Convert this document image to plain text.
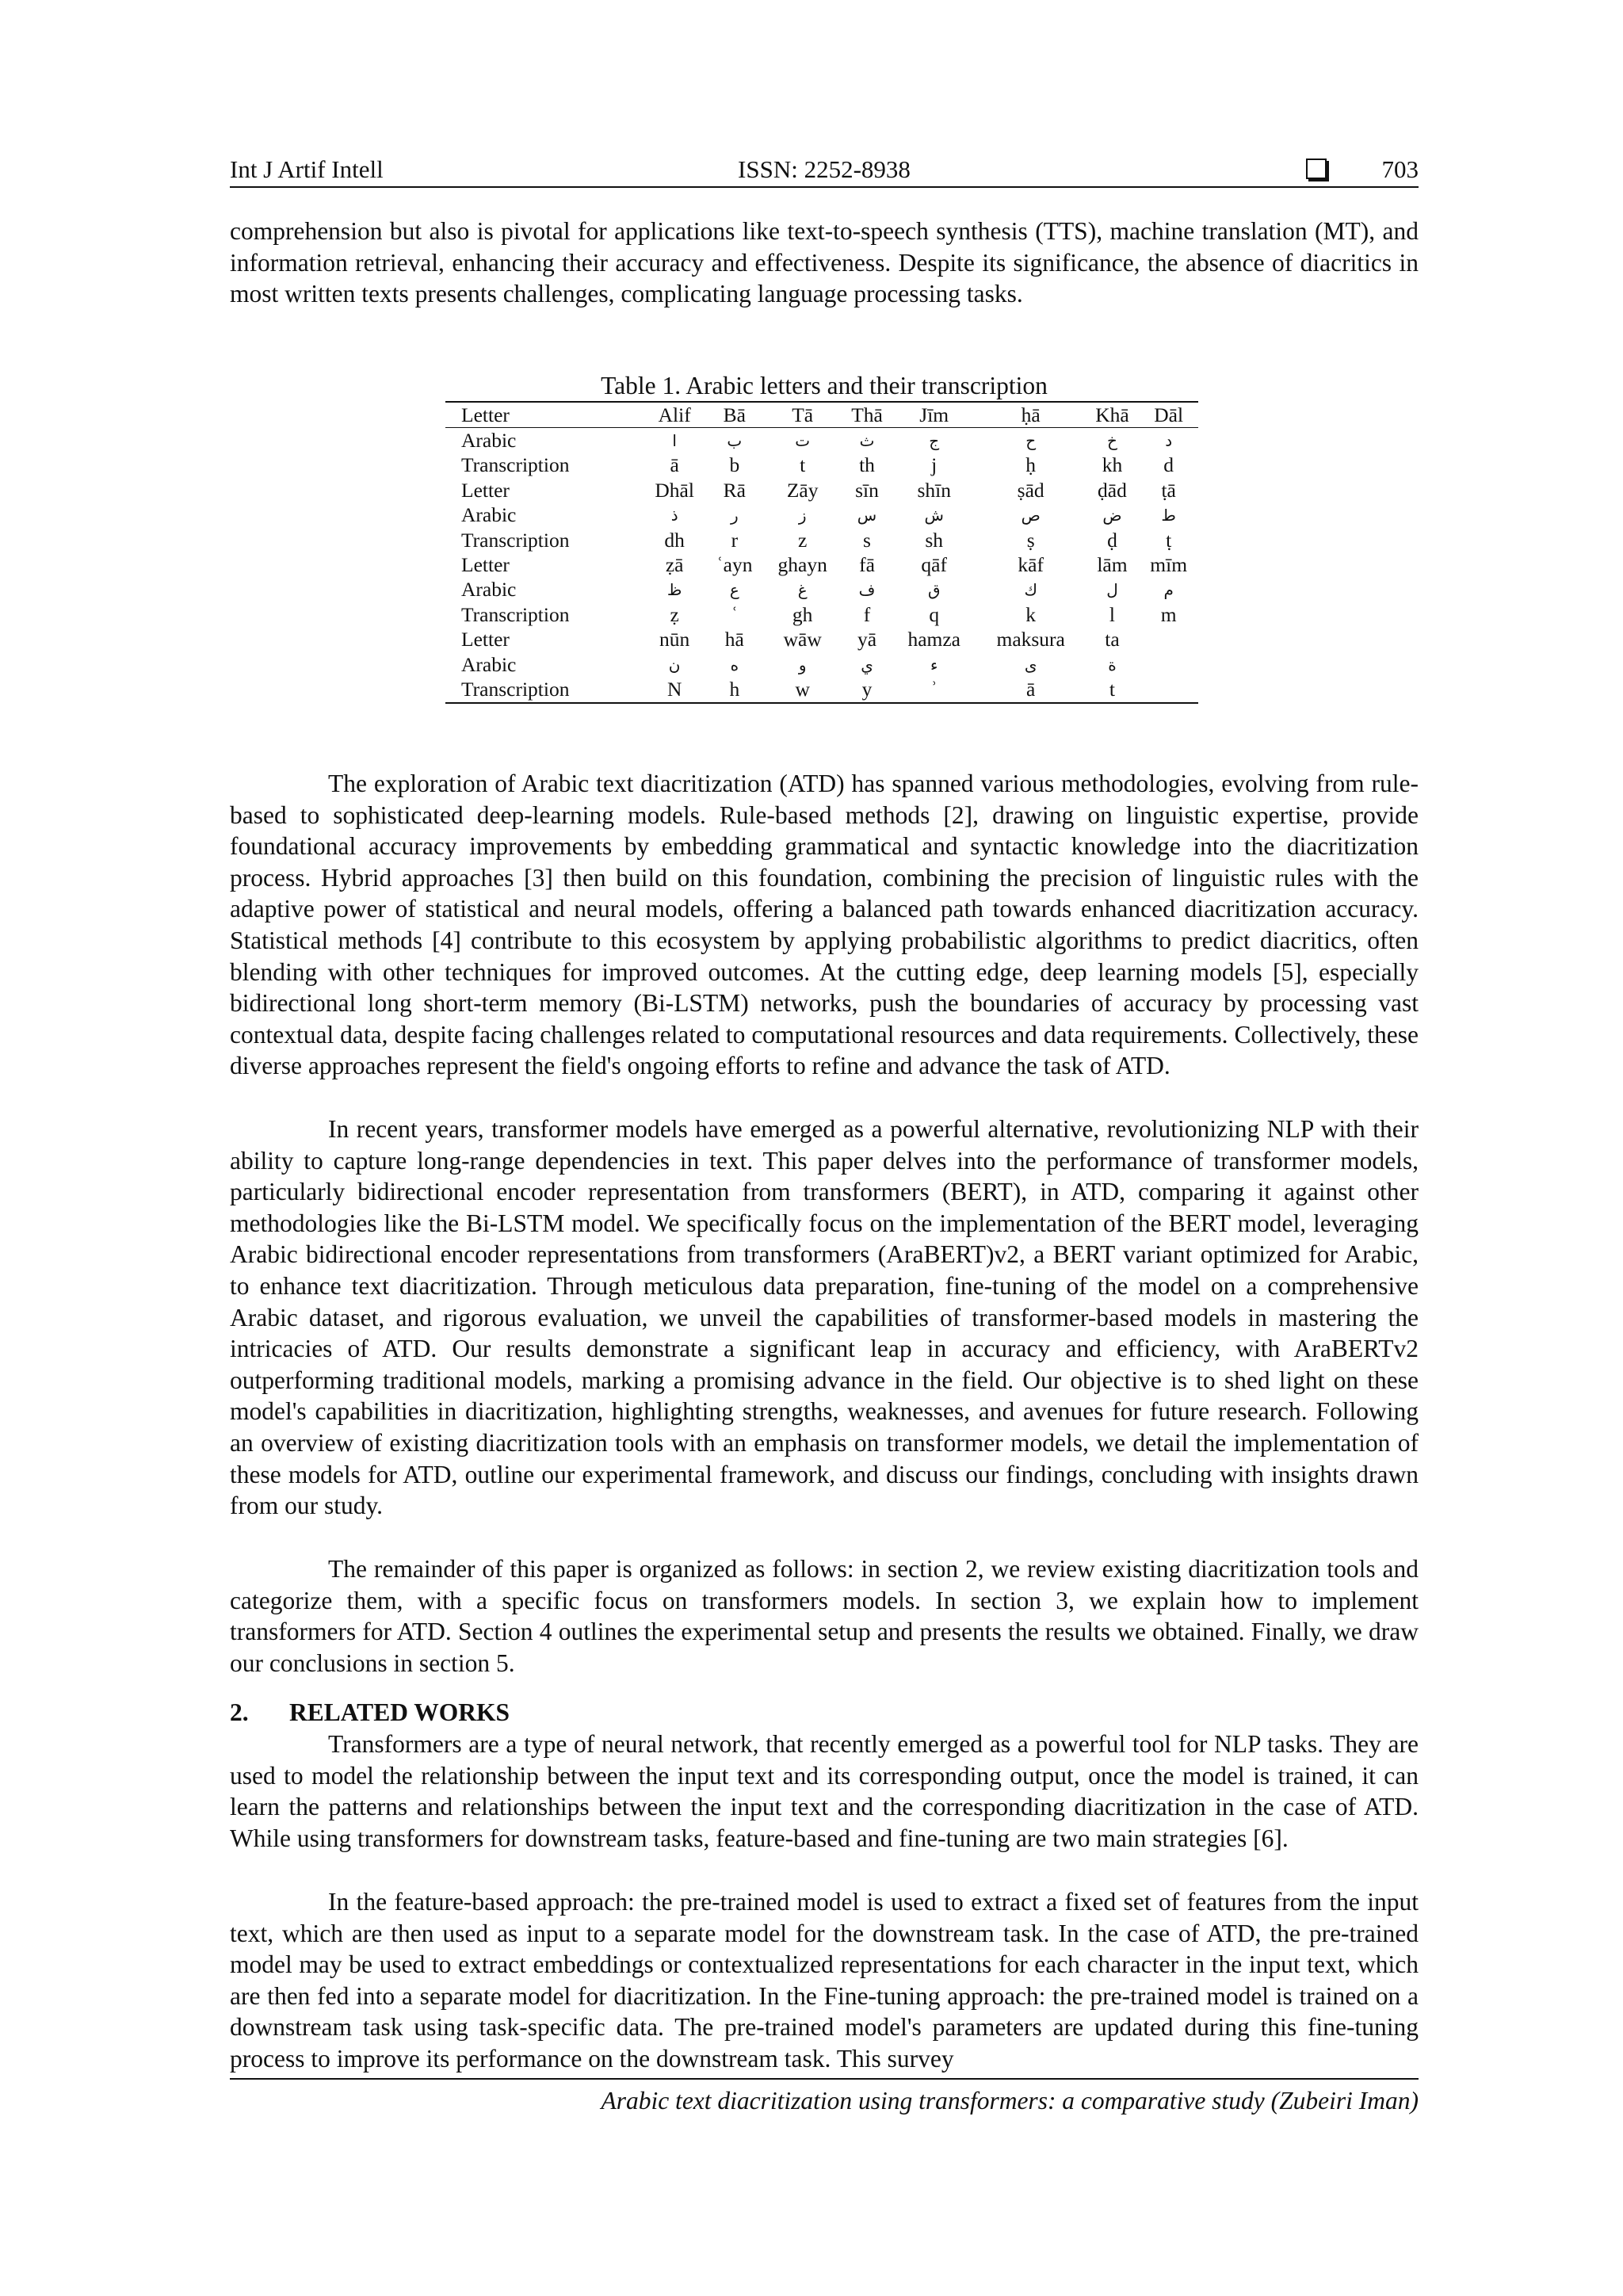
Int J Artif Intell	ISSN: 2252-8938	703

comprehension but also is pivotal for applications like text-to-speech synthesis (TTS), machine translation (MT), and information retrieval, enhancing their accuracy and effectiveness. Despite its significance, the absence of diacritics in most written texts presents challenges, complicating language processing tasks.

Table 1. Arabic letters and their transcription
Letter	Alif	Bā	Tā	Thā	Jīm	ḥā	Khā	Dāl
Arabic	ا	ب	ت	ث	ج	ح	خ	د
Transcription	ā	b	t	th	j	ḥ	kh	d
Letter	Dhāl	Rā	Zāy	sīn	shīn	ṣād	ḍād	ṭā
Arabic	ذ	ر	ز	س	ش	ص	ض	ط
Transcription	dh	r	z	s	sh	ṣ	ḍ	ṭ
Letter	ẓā	ʿayn	ghayn	fā	qāf	kāf	lām	mīm
Arabic	ظ	ع	غ	ف	ق	ك	ل	م
Transcription	ẓ	ʿ	gh	f	q	k	l	m
Letter	nūn	hā	wāw	yā	hamza	maksura	ta	
Arabic	ن	ه	و	ي	ء	ى	ة	
Transcription	N	h	w	y	ʾ	ā	t	

The exploration of Arabic text diacritization (ATD) has spanned various methodologies, evolving from rule-based to sophisticated deep-learning models. Rule-based methods [2], drawing on linguistic expertise, provide foundational accuracy improvements by embedding grammatical and syntactic knowledge into the diacritization process. Hybrid approaches [3] then build on this foundation, combining the precision of linguistic rules with the adaptive power of statistical and neural models, offering a balanced path towards enhanced diacritization accuracy. Statistical methods [4] contribute to this ecosystem by applying probabilistic algorithms to predict diacritics, often blending with other techniques for improved outcomes. At the cutting edge, deep learning models [5], especially bidirectional long short-term memory (Bi-LSTM) networks, push the boundaries of accuracy by processing vast contextual data, despite facing challenges related to computational resources and data requirements. Collectively, these diverse approaches represent the field's ongoing efforts to refine and advance the task of ATD.

In recent years, transformer models have emerged as a powerful alternative, revolutionizing NLP with their ability to capture long-range dependencies in text. This paper delves into the performance of transformer models, particularly bidirectional encoder representation from transformers (BERT), in ATD, comparing it against other methodologies like the Bi-LSTM model. We specifically focus on the implementation of the BERT model, leveraging Arabic bidirectional encoder representations from transformers (AraBERT)v2, a BERT variant optimized for Arabic, to enhance text diacritization. Through meticulous data preparation, fine-tuning of the model on a comprehensive Arabic dataset, and rigorous evaluation, we unveil the capabilities of transformer-based models in mastering the intricacies of ATD. Our results demonstrate a significant leap in accuracy and efficiency, with AraBERTv2 outperforming traditional models, marking a promising advance in the field. Our objective is to shed light on these model's capabilities in diacritization, highlighting strengths, weaknesses, and avenues for future research. Following an overview of existing diacritization tools with an emphasis on transformer models, we detail the implementation of these models for ATD, outline our experimental framework, and discuss our findings, concluding with insights drawn from our study.

The remainder of this paper is organized as follows: in section 2, we review existing diacritization tools and categorize them, with a specific focus on transformers models. In section 3, we explain how to implement transformers for ATD. Section 4 outlines the experimental setup and presents the results we obtained. Finally, we draw our conclusions in section 5.

2. RELATED WORKS

Transformers are a type of neural network, that recently emerged as a powerful tool for NLP tasks. They are used to model the relationship between the input text and its corresponding output, once the model is trained, it can learn the patterns and relationships between the input text and the corresponding diacritization in the case of ATD. While using transformers for downstream tasks, feature-based and fine-tuning are two main strategies [6].

In the feature-based approach: the pre-trained model is used to extract a fixed set of features from the input text, which are then used as input to a separate model for the downstream task. In the case of ATD, the pre-trained model may be used to extract embeddings or contextualized representations for each character in the input text, which are then fed into a separate model for diacritization. In the Fine-tuning approach: the pre-trained model is trained on a downstream task using task-specific data. The pre-trained model's parameters are updated during this fine-tuning process to improve its performance on the downstream task. This survey

Arabic text diacritization using transformers: a comparative study (Zubeiri Iman)
